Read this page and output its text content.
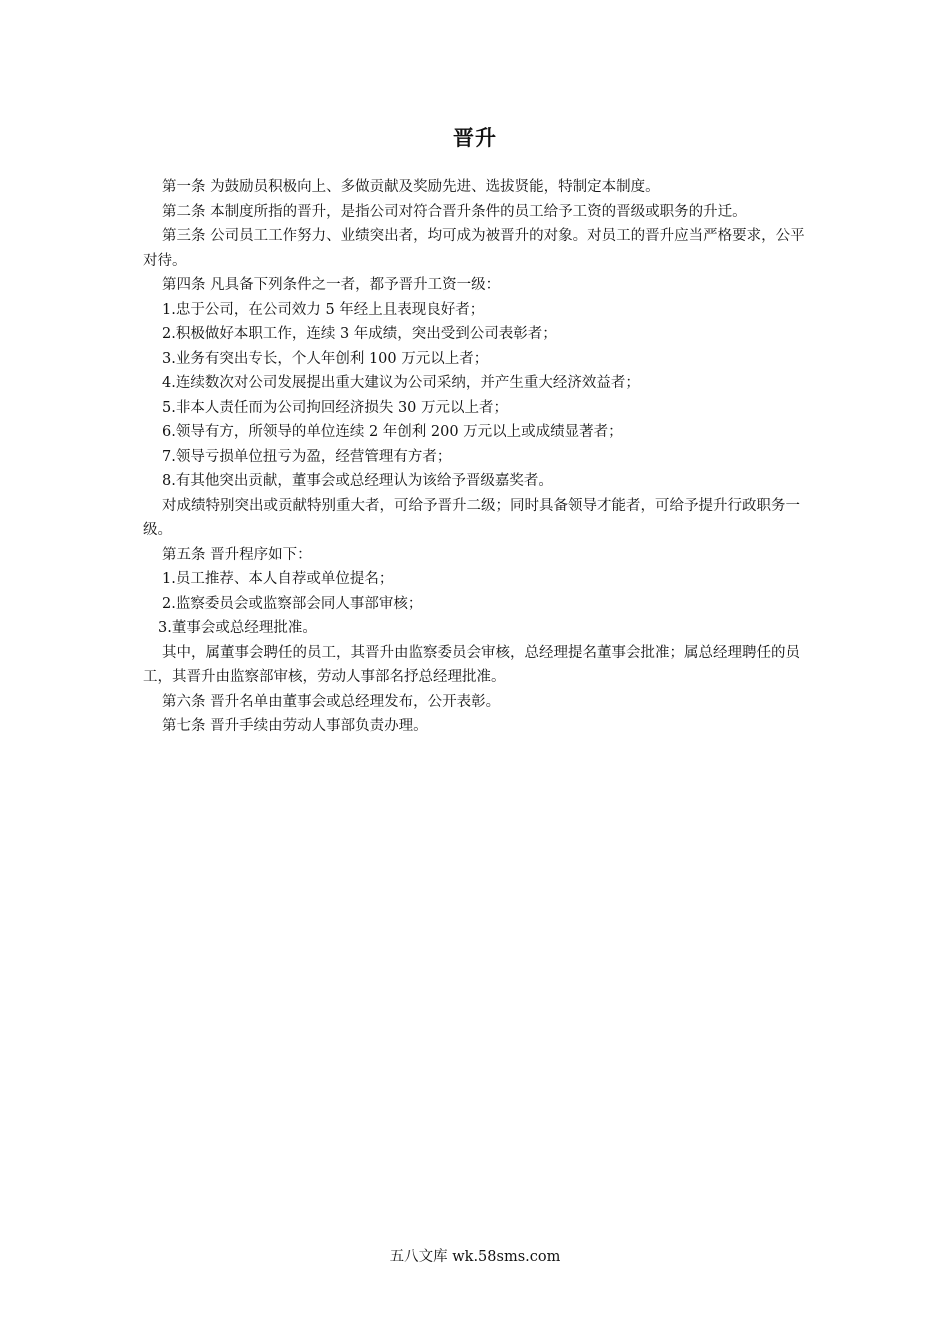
晋升

第一条 为鼓励员积极向上、多做贡献及奖励先进、选拔贤能，特制定本制度。

第二条 本制度所指的晋升，是指公司对符合晋升条件的员工给予工资的晋级或职务的升迁。

第三条 公司员工工作努力、业绩突出者，均可成为被晋升的对象。对员工的晋升应当严格要求，公平对待。

第四条 凡具备下列条件之一者，都予晋升工资一级：

1.忠于公司，在公司效力 5 年经上且表现良好者；

2.积极做好本职工作，连续 3 年成绩，突出受到公司表彰者；

3.业务有突出专长，个人年创利 100 万元以上者；

4.连续数次对公司发展提出重大建议为公司采纳，并产生重大经济效益者；

5.非本人责任而为公司拘回经济损失 30 万元以上者；

6.领导有方，所领导的单位连续 2 年创利 200 万元以上或成绩显著者；

7.领导亏损单位扭亏为盈，经营管理有方者；

8.有其他突出贡献，董事会或总经理认为该给予晋级嘉奖者。

对成绩特别突出或贡献特别重大者，可给予晋升二级；同时具备领导才能者，可给予提升行政职务一级。

第五条 晋升程序如下：

1.员工推荐、本人自荐或单位提名；

2.监察委员会或监察部会同人事部审核；

3.董事会或总经理批准。

其中，属董事会聘任的员工，其晋升由监察委员会审核，总经理提名董事会批准；属总经理聘任的员工，其晋升由监察部审核，劳动人事部名抒总经理批准。

第六条 晋升名单由董事会或总经理发布，公开表彰。

第七条 晋升手续由劳动人事部负责办理。

五八文库 wk.58sms.com
